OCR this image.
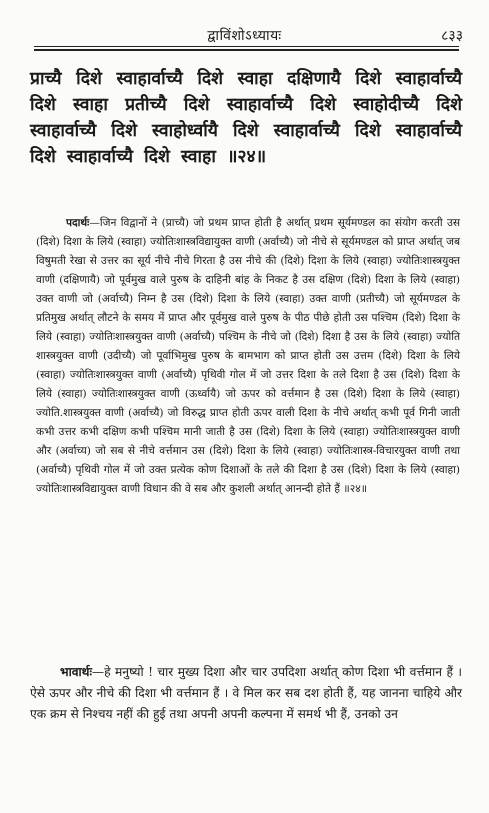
द्वाविंशोऽध्यायः	८३३
प्राच्यै दिशे स्वाहार्वाच्यै दिशे स्वाहा दक्षिणायै दिशे स्वाहार्वाच्यै दिशे स्वाहा प्रतीच्यै दिशे स्वाहार्वाच्यै दिशे स्वाहोदीच्यै दिशे स्वाहार्वाच्यै दिशे स्वाहोर्ध्वायै दिशे स्वाहार्वाच्यै दिशे स्वाहार्वाच्यै दिशे स्वाहार्वाच्यै दिशे स्वाहा ॥२४॥
पदार्थः—जिन विद्वानों ने (प्राच्यै) जो प्रथम प्राप्त होती है अर्थात् प्रथम सूर्यमण्डल का संयोग करती उस (दिशे) दिशा के लिये (स्वाहा) ज्योतिःशास्त्रविद्यायुक्त वाणी (अर्वाच्यै) जो नीचे से सूर्यमण्डल को प्राप्त अर्थात् जब विषुमती रेखा से उत्तर का सूर्य नीचे नीचे गिरता है उस नीचे की (दिशे) दिशा के लिये (स्वाहा) ज्योतिःशास्त्रयुक्त वाणी (दक्षिणायै) जो पूर्वमुख वाले पुरुष के दाहिनी बांह के निकट है उस दक्षिण (दिशे) दिशा के लिये (स्वाहा) उक्त वाणी जो (अर्वाच्यै) निम्न है उस (दिशे) दिशा के लिये (स्वाहा) उक्त वाणी (प्रतीच्यै) जो सूर्यमण्डल के प्रतिमुख अर्थात् लौटने के समय में प्राप्त और पूर्वमुख वाले पुरुष के पीठ पीछे होती उस पश्चिम (दिशे) दिशा के लिये (स्वाहा) ज्योतिःशास्त्रयुक्त वाणी (अर्वाच्यै) पश्चिम के नीचे जो (दिशे) दिशा है उस के लिये (स्वाहा) ज्योति शास्त्रयुक्त वाणी (उदीच्यै) जो पूर्वाभिमुख पुरुष के बामभाग को प्राप्त होती उस उत्तम (दिशे) दिशा के लिये (स्वाहा) ज्योतिःशास्त्रयुक्त वाणी (अर्वाच्यै) पृथिवी गोल में जो उत्तर दिशा के तले दिशा है उस (दिशे) दिशा के लिये (स्वाहा) ज्योतिःशास्त्रयुक्त वाणी (ऊर्ध्वायै) जो ऊपर को वर्त्तमान है उस (दिशे) दिशा के लिये (स्वाहा) ज्योति.शास्त्रयुक्त वाणी (अर्वाच्यै) जो विरुद्ध प्राप्त होती ऊपर वाली दिशा के नीचे अर्थात् कभी पूर्व गिनी जाती कभी उत्तर कभी दक्षिण कभी पश्चिम मानी जाती है उस (दिशे) दिशा के लिये (स्वाहा) ज्योतिःशास्त्रयुक्त वाणी और (अर्वाच्य) जो सब से नीचे वर्त्तमान उस (दिशे) दिशा के लिये (स्वाहा) ज्योतिःशास्त्र-विचारयुक्त वाणी तथा (अर्वाच्यै) पृथिवी गोल में जो उक्त प्रत्येक कोण दिशाओं के तले की दिशा है उस (दिशे) दिशा के लिये (स्वाहा) ज्योतिःशास्त्रविद्यायुक्त वाणी विधान की वे सब और कुशली अर्थात् आनन्दी होते हैं ॥२४॥
भावार्थः—हे मनुष्यो ! चार मुख्य दिशा और चार उपदिशा अर्थात् कोण दिशा भी वर्त्तमान हैं । ऐसे ऊपर और नीचे की दिशा भी वर्त्तमान हैं । वे मिल कर सब दश होती हैं, यह जानना चाहिये और एक क्रम से निश्चय नहीं की हुई तथा अपनी अपनी कल्पना में समर्थ भी हैं, उनको उन
